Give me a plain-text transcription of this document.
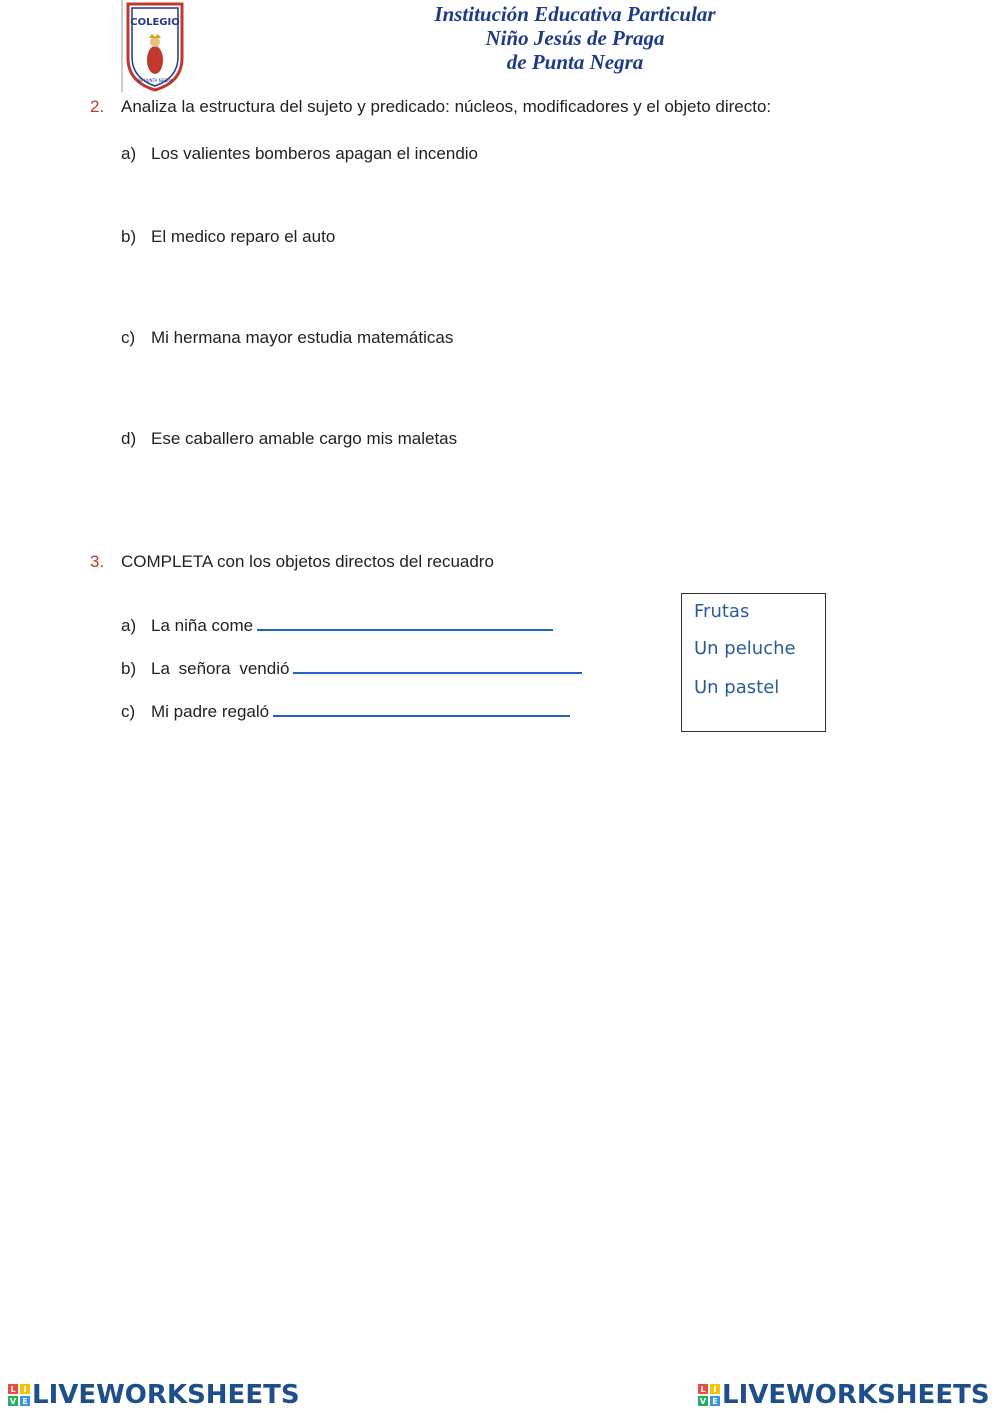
COLEGIO
DE PUNTA NEGRA
Institución Educativa Particular
Niño Jesús de Praga
de Punta Negra
2. Analiza la estructura del sujeto y predicado: núcleos, modificadores y el objeto directo:
a) Los valientes bomberos apagan el incendio
b) El medico reparo el auto
c) Mi hermana mayor estudia matemáticas
d) Ese caballero amable cargo mis maletas
3. COMPLETA con los objetos directos del recuadro
a) La niña come
b) La señora vendió
c) Mi padre regaló
Frutas
Un peluche
Un pastel
L I
V E LIVEWORKSHEETS	L I
V E LIVEWORKSHEETS
